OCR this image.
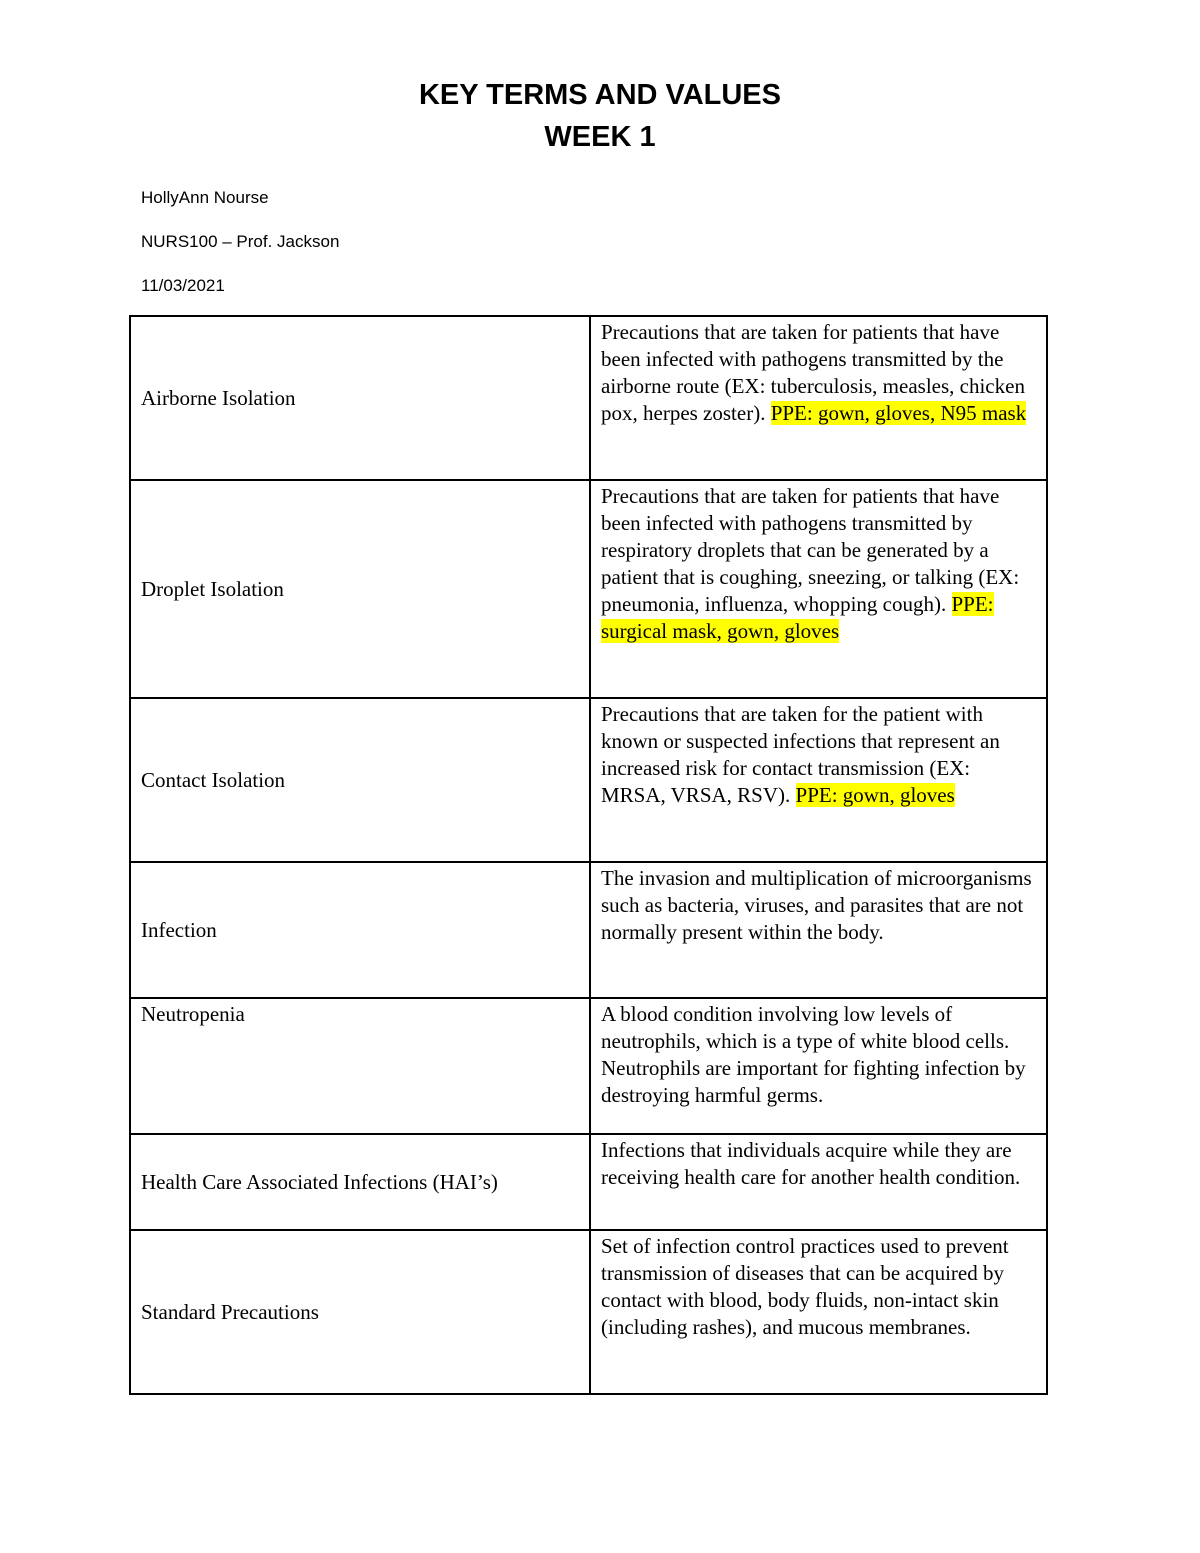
KEY TERMS AND VALUES
WEEK 1
HollyAnn Nourse
NURS100 – Prof. Jackson
11/03/2021
Airborne Isolation	Precautions that are taken for patients that have been infected with pathogens transmitted by the airborne route (EX: tuberculosis, measles, chicken pox, herpes zoster). PPE: gown, gloves, N95 mask
Droplet Isolation	Precautions that are taken for patients that have been infected with pathogens transmitted by respiratory droplets that can be generated by a patient that is coughing, sneezing, or talking (EX: pneumonia, influenza, whopping cough). PPE: surgical mask, gown, gloves
Contact Isolation	Precautions that are taken for the patient with known or suspected infections that represent an increased risk for contact transmission (EX: MRSA, VRSA, RSV). PPE: gown, gloves
Infection	The invasion and multiplication of microorganisms such as bacteria, viruses, and parasites that are not normally present within the body.
Neutropenia	A blood condition involving low levels of neutrophils, which is a type of white blood cells. Neutrophils are important for fighting infection by destroying harmful germs.
Health Care Associated Infections (HAI’s)	Infections that individuals acquire while they are receiving health care for another health condition.
Standard Precautions	Set of infection control practices used to prevent transmission of diseases that can be acquired by contact with blood, body fluids, non-intact skin (including rashes), and mucous membranes.
